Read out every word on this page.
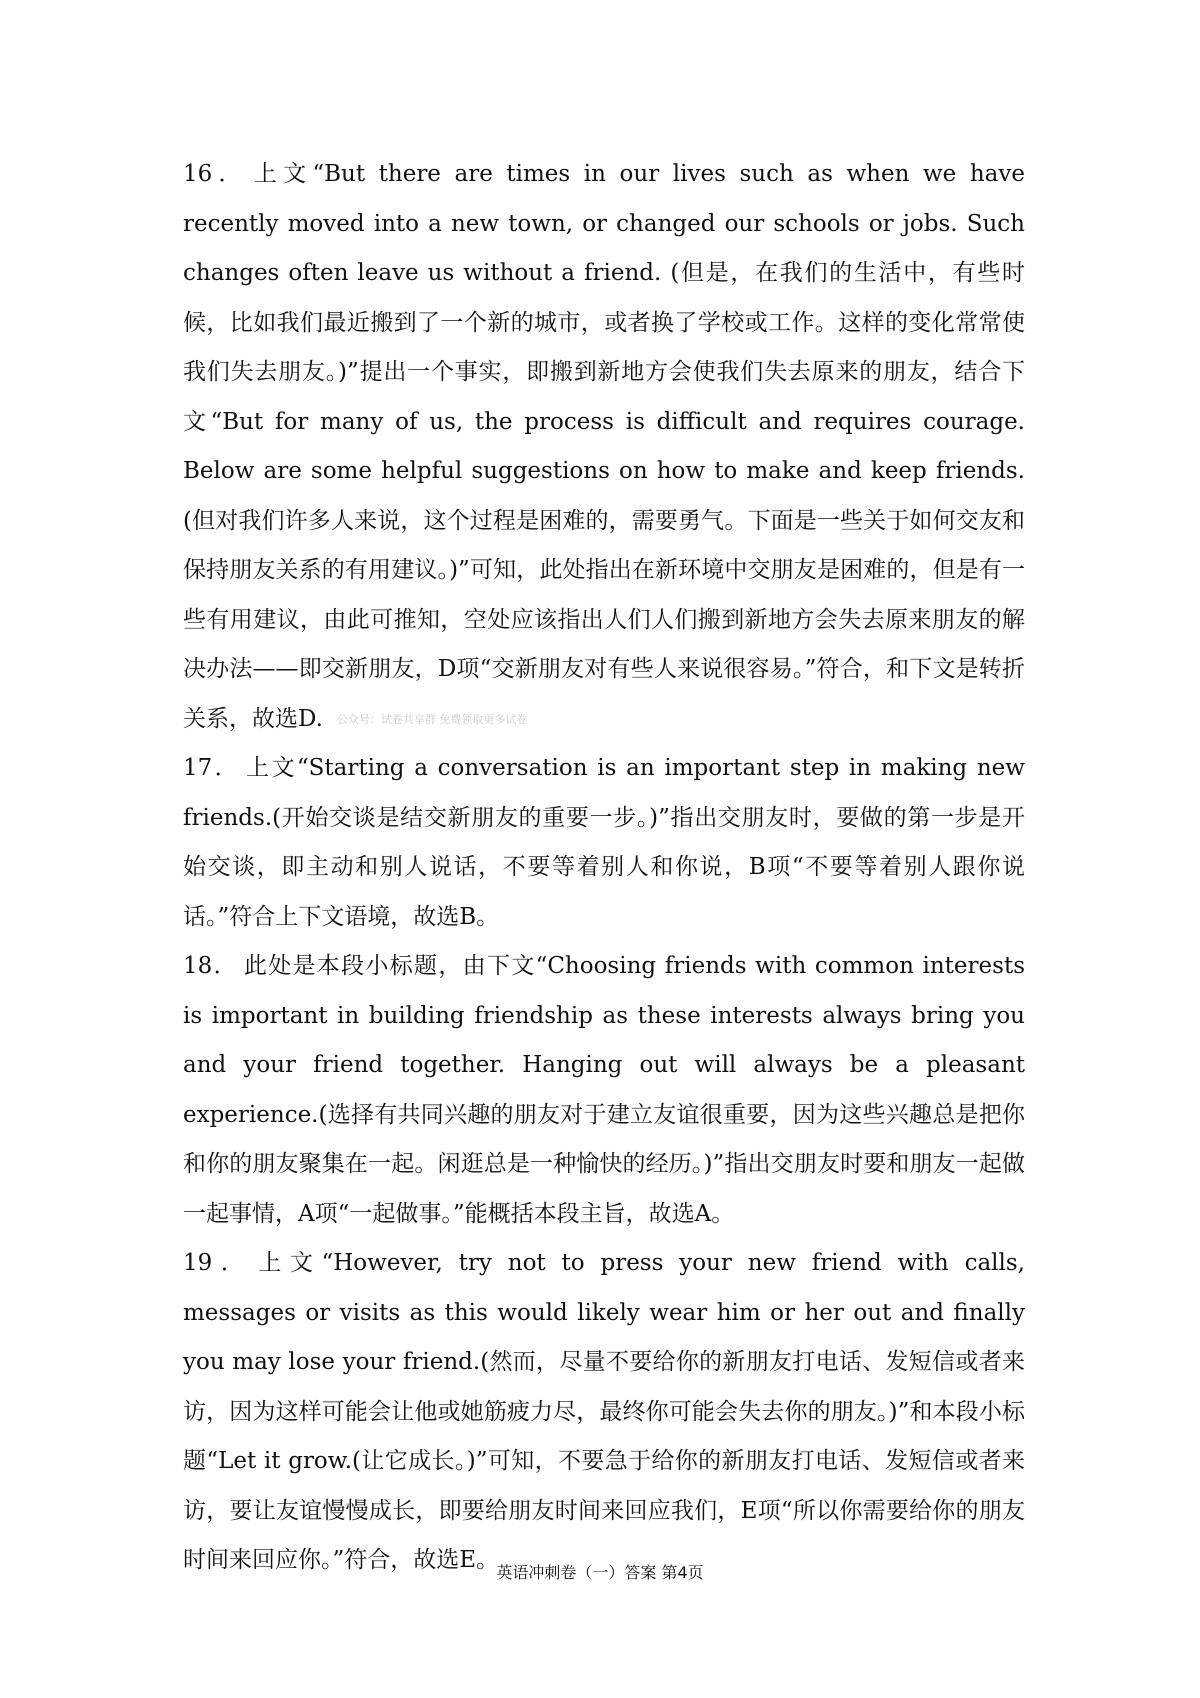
16． 上文“But there are times in our lives such as when we have recently moved into a new town, or changed our schools or jobs. Such changes often leave us without a friend. (但是，在我们的生活中，有些时候，比如我们最近搬到了一个新的城市，或者换了学校或工作。这样的变化常常使我们失去朋友。)”提出一个事实，即搬到新地方会使我们失去原来的朋友，结合下文“But for many of us, the process is difficult and requires courage. Below are some helpful suggestions on how to make and keep friends.(但对我们许多人来说，这个过程是困难的，需要勇气。下面是一些关于如何交友和保持朋友关系的有用建议。)”可知，此处指出在新环境中交朋友是困难的，但是有一些有用建议，由此可推知，空处应该指出人们人们搬到新地方会失去原来朋友的解决办法——即交新朋友，D项“交新朋友对有些人来说很容易。”符合，和下文是转折关系，故选D. 公众号：试卷共享群 免费领取更多试卷

17． 上文“Starting a conversation is an important step in making new friends.(开始交谈是结交新朋友的重要一步。)”指出交朋友时，要做的第一步是开始交谈，即主动和别人说话，不要等着别人和你说，B项“不要等着别人跟你说话。”符合上下文语境，故选B。

18． 此处是本段小标题，由下文“Choosing friends with common interests is important in building friendship as these interests always bring you and your friend together. Hanging out will always be a pleasant experience.(选择有共同兴趣的朋友对于建立友谊很重要，因为这些兴趣总是把你和你的朋友聚集在一起。闲逛总是一种愉快的经历。)”指出交朋友时要和朋友一起做一起事情，A项“一起做事。”能概括本段主旨，故选A。

19． 上文“However, try not to press your new friend with calls, messages or visits as this would likely wear him or her out and finally you may lose your friend.(然而，尽量不要给你的新朋友打电话、发短信或者来访，因为这样可能会让他或她筋疲力尽，最终你可能会失去你的朋友。)”和本段小标题“Let it grow.(让它成长。)”可知，不要急于给你的新朋友打电话、发短信或者来访，要让友谊慢慢成长，即要给朋友时间来回应我们，E项“所以你需要给你的朋友时间来回应你。”符合，故选E。

英语冲刺卷（一）答案 第4页
